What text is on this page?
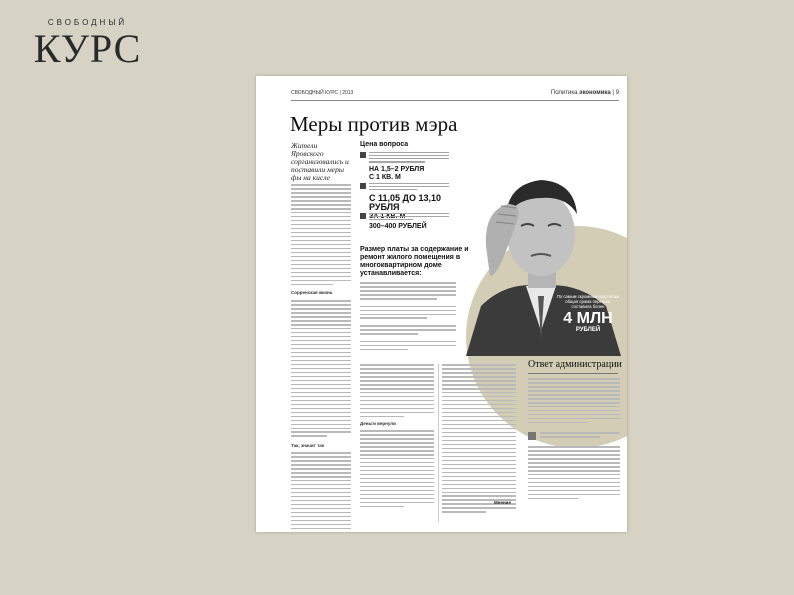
СВОБОДНЫЙ
КУРС
СВОБОДНЫЙ КУРС | 2013	Политика экономика | 9
Меры против мэра
Жители Яровского сорганизовались и поставили меры фы на кисле
Сорренская жизнь
Так, значит так
Цена вопроса
НА 1,5–2 РУБЛЯ
С 1 КВ. М
С 11,05 ДО 13,10 РУБЛЯ
300–400 РУБЛЕЙ
Размер платы за содержание и ремонт жилого помещения в многоквартирном доме устанавливается:
По самым скромным подсчётам общая сумма переплат составила более
4 МЛН
РУБЛЕЙ
Деньги вернули
Мнение
Ответ администрации
